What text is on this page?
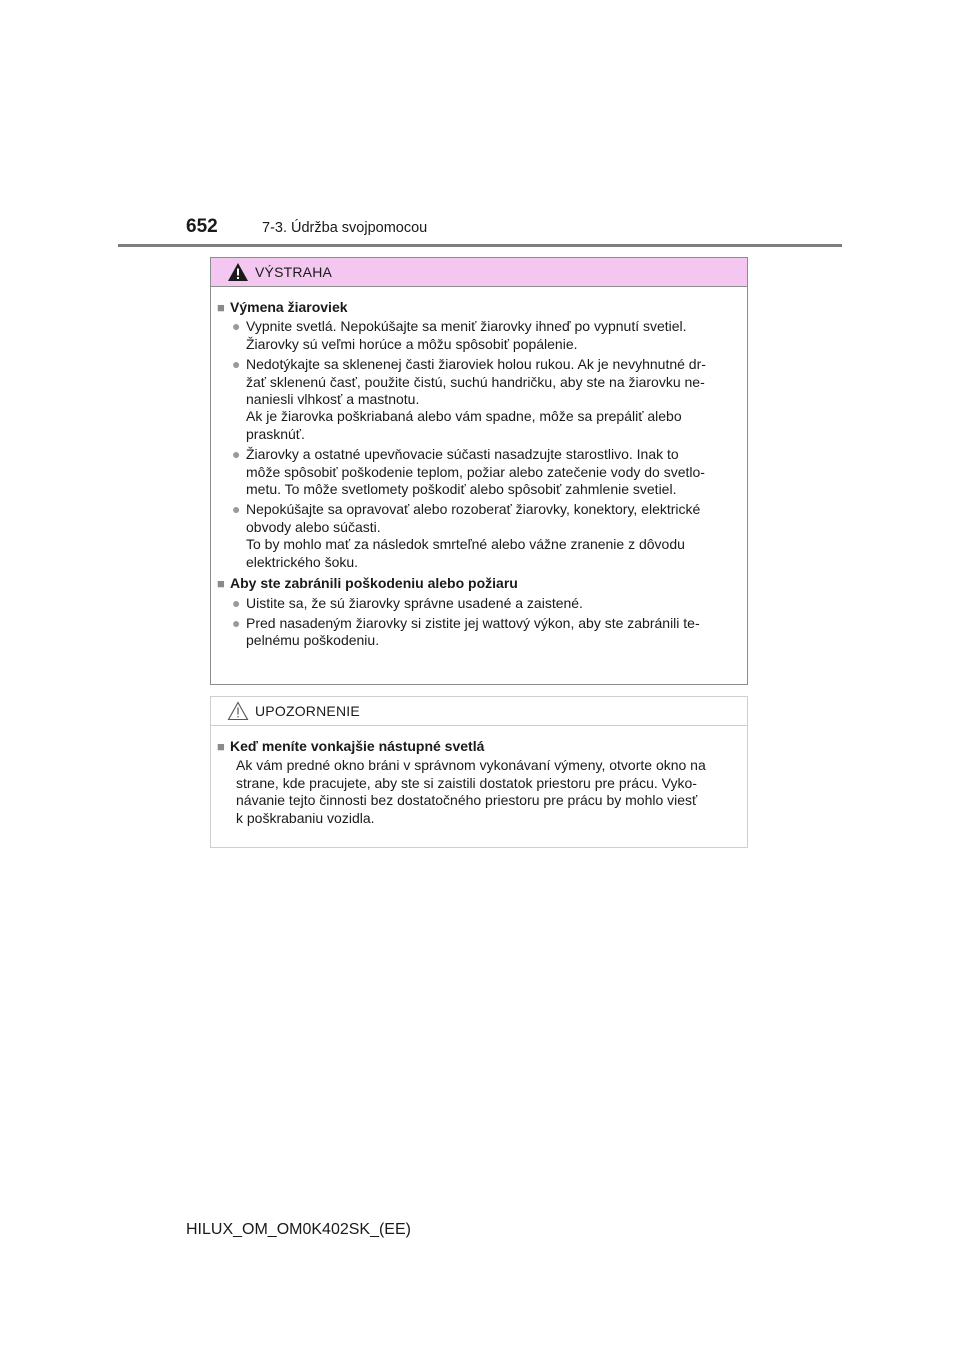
652	7-3. Údržba svojpomocou
VÝSTRAHA
■ Výmena žiaroviek
● Vypnite svetlá. Nepokúšajte sa meniť žiarovky ihneď po vypnutí svetiel.
Žiarovky sú veľmi horúce a môžu spôsobiť popálenie.
● Nedotýkajte sa sklenenej časti žiaroviek holou rukou. Ak je nevyhnutné dr-
žať sklenenú časť, použite čistú, suchú handričku, aby ste na žiarovku ne-
naniesli vlhkosť a mastnotu.
Ak je žiarovka poškriabaná alebo vám spadne, môže sa prepáliť alebo
prasknúť.
● Žiarovky a ostatné upevňovacie súčasti nasadzujte starostlivo. Inak to
môže spôsobiť poškodenie teplom, požiar alebo zatečenie vody do svetlo-
metu. To môže svetlomety poškodiť alebo spôsobiť zahmlenie svetiel.
● Nepokúšajte sa opravovať alebo rozoberať žiarovky, konektory, elektrické
obvody alebo súčasti.
To by mohlo mať za následok smrteľné alebo vážne zranenie z dôvodu
elektrického šoku.
■ Aby ste zabránili poškodeniu alebo požiaru
● Uistite sa, že sú žiarovky správne usadené a zaistené.
● Pred nasadeným žiarovky si zistite jej wattový výkon, aby ste zabránili te-
pelnému poškodeniu.
UPOZORNENIE
■ Keď meníte vonkajšie nástupné svetlá
Ak vám predné okno bráni v správnom vykonávaní výmeny, otvorte okno na
strane, kde pracujete, aby ste si zaistili dostatok priestoru pre prácu. Vyko-
návanie tejto činnosti bez dostatočného priestoru pre prácu by mohlo viesť
k poškrabaniu vozidla.
HILUX_OM_OM0K402SK_(EE)
